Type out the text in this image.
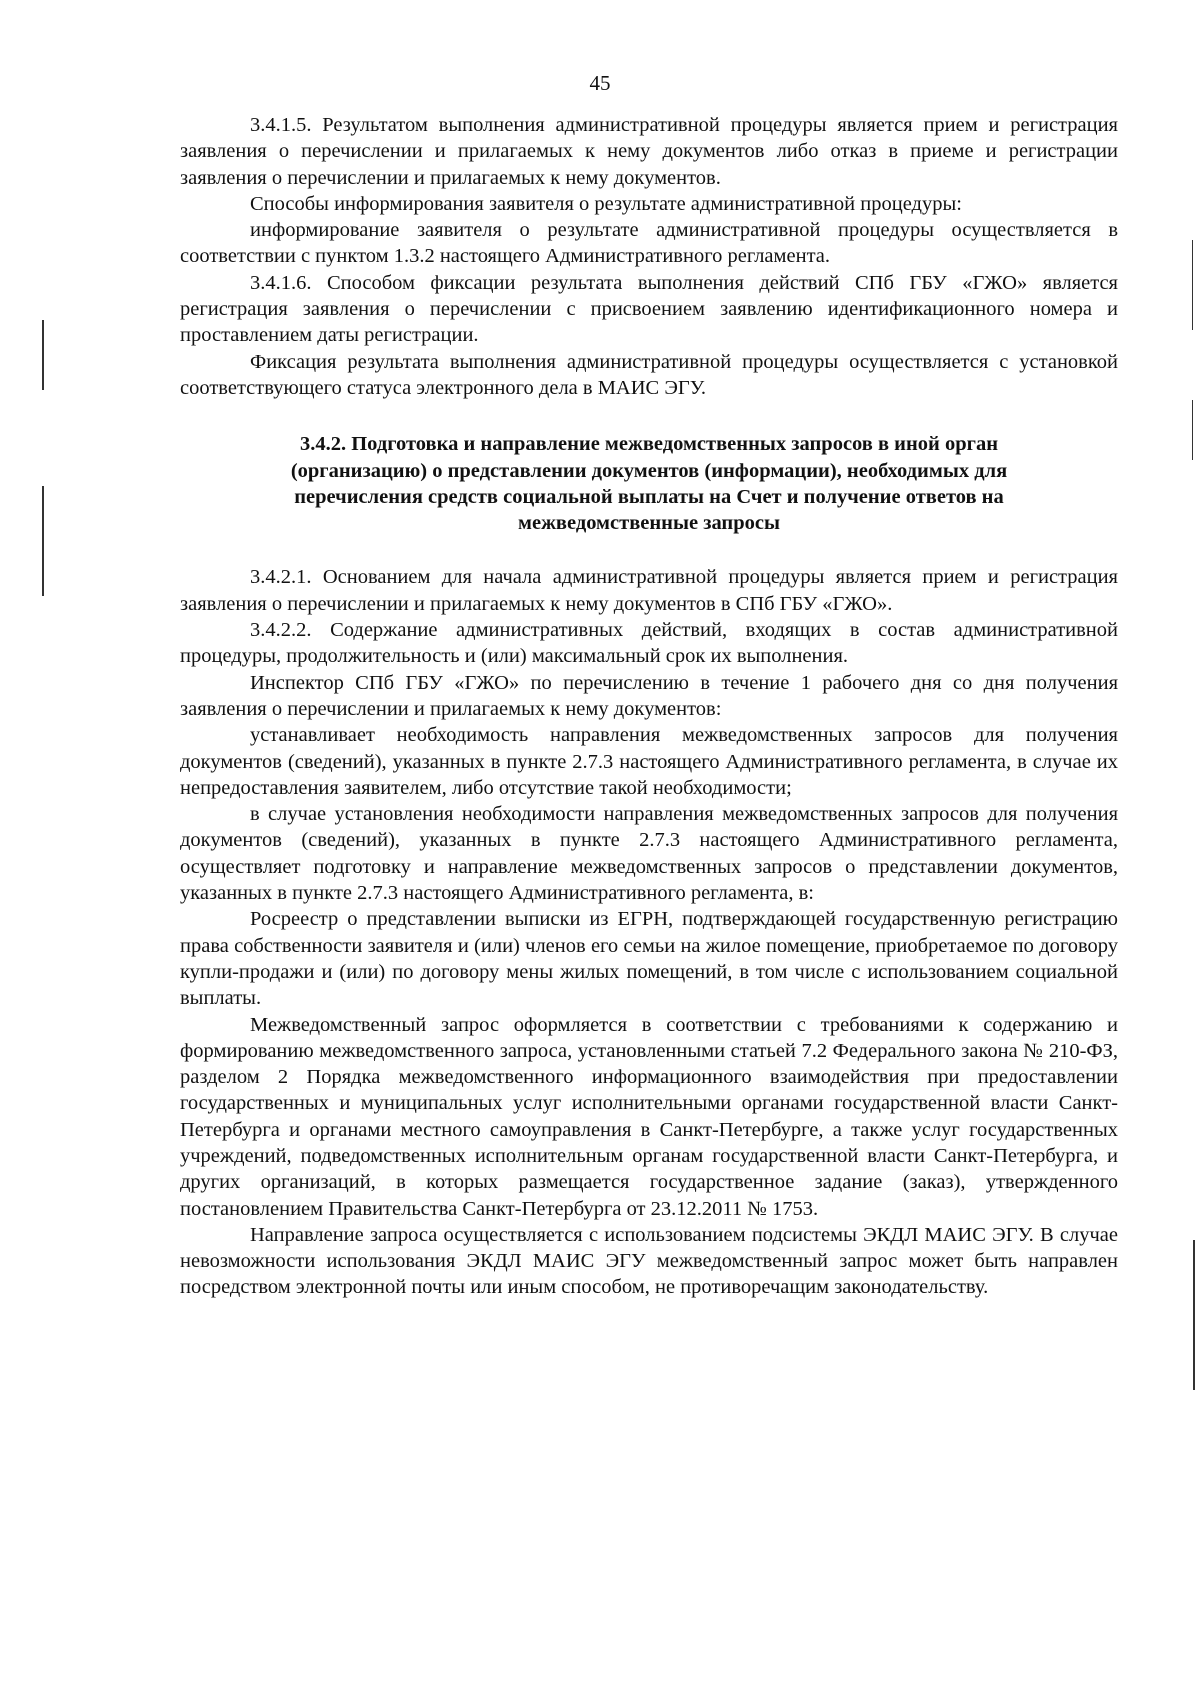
45

3.4.1.5. Результатом выполнения административной процедуры является прием и регистрация заявления о перечислении и прилагаемых к нему документов либо отказ в приеме и регистрации заявления о перечислении и прилагаемых к нему документов.

Способы информирования заявителя о результате административной процедуры:

информирование заявителя о результате административной процедуры осуществляется в соответствии с пунктом 1.3.2 настоящего Административного регламента.

3.4.1.6. Способом фиксации результата выполнения действий СПб ГБУ «ГЖО» является регистрация заявления о перечислении с присвоением заявлению идентификационного номера и проставлением даты регистрации.

Фиксация результата выполнения административной процедуры осуществляется с установкой соответствующего статуса электронного дела в МАИС ЭГУ.

3.4.2. Подготовка и направление межведомственных запросов в иной орган (организацию) о представлении документов (информации), необходимых для перечисления средств социальной выплаты на Счет и получение ответов на межведомственные запросы

3.4.2.1. Основанием для начала административной процедуры является прием и регистрация заявления о перечислении и прилагаемых к нему документов в СПб ГБУ «ГЖО».

3.4.2.2. Содержание административных действий, входящих в состав административной процедуры, продолжительность и (или) максимальный срок их выполнения.

Инспектор СПб ГБУ «ГЖО» по перечислению в течение 1 рабочего дня со дня получения заявления о перечислении и прилагаемых к нему документов:

устанавливает необходимость направления межведомственных запросов для получения документов (сведений), указанных в пункте 2.7.3 настоящего Административного регламента, в случае их непредоставления заявителем, либо отсутствие такой необходимости;

в случае установления необходимости направления межведомственных запросов для получения документов (сведений), указанных в пункте 2.7.3 настоящего Административного регламента, осуществляет подготовку и направление межведомственных запросов о представлении документов, указанных в пункте 2.7.3 настоящего Административного регламента, в:

Росреестр о представлении выписки из ЕГРН, подтверждающей государственную регистрацию права собственности заявителя и (или) членов его семьи на жилое помещение, приобретаемое по договору купли-продажи и (или) по договору мены жилых помещений, в том числе с использованием социальной выплаты.

Межведомственный запрос оформляется в соответствии с требованиями к содержанию и формированию межведомственного запроса, установленными статьей 7.2 Федерального закона № 210-ФЗ, разделом 2 Порядка межведомственного информационного взаимодействия при предоставлении государственных и муниципальных услуг исполнительными органами государственной власти Санкт-Петербурга и органами местного самоуправления в Санкт-Петербурге, а также услуг государственных учреждений, подведомственных исполнительным органам государственной власти Санкт-Петербурга, и других организаций, в которых размещается государственное задание (заказ), утвержденного постановлением Правительства Санкт-Петербурга от 23.12.2011 № 1753.

Направление запроса осуществляется с использованием подсистемы ЭКДЛ МАИС ЭГУ. В случае невозможности использования ЭКДЛ МАИС ЭГУ межведомственный запрос может быть направлен посредством электронной почты или иным способом, не противоречащим законодательству.
